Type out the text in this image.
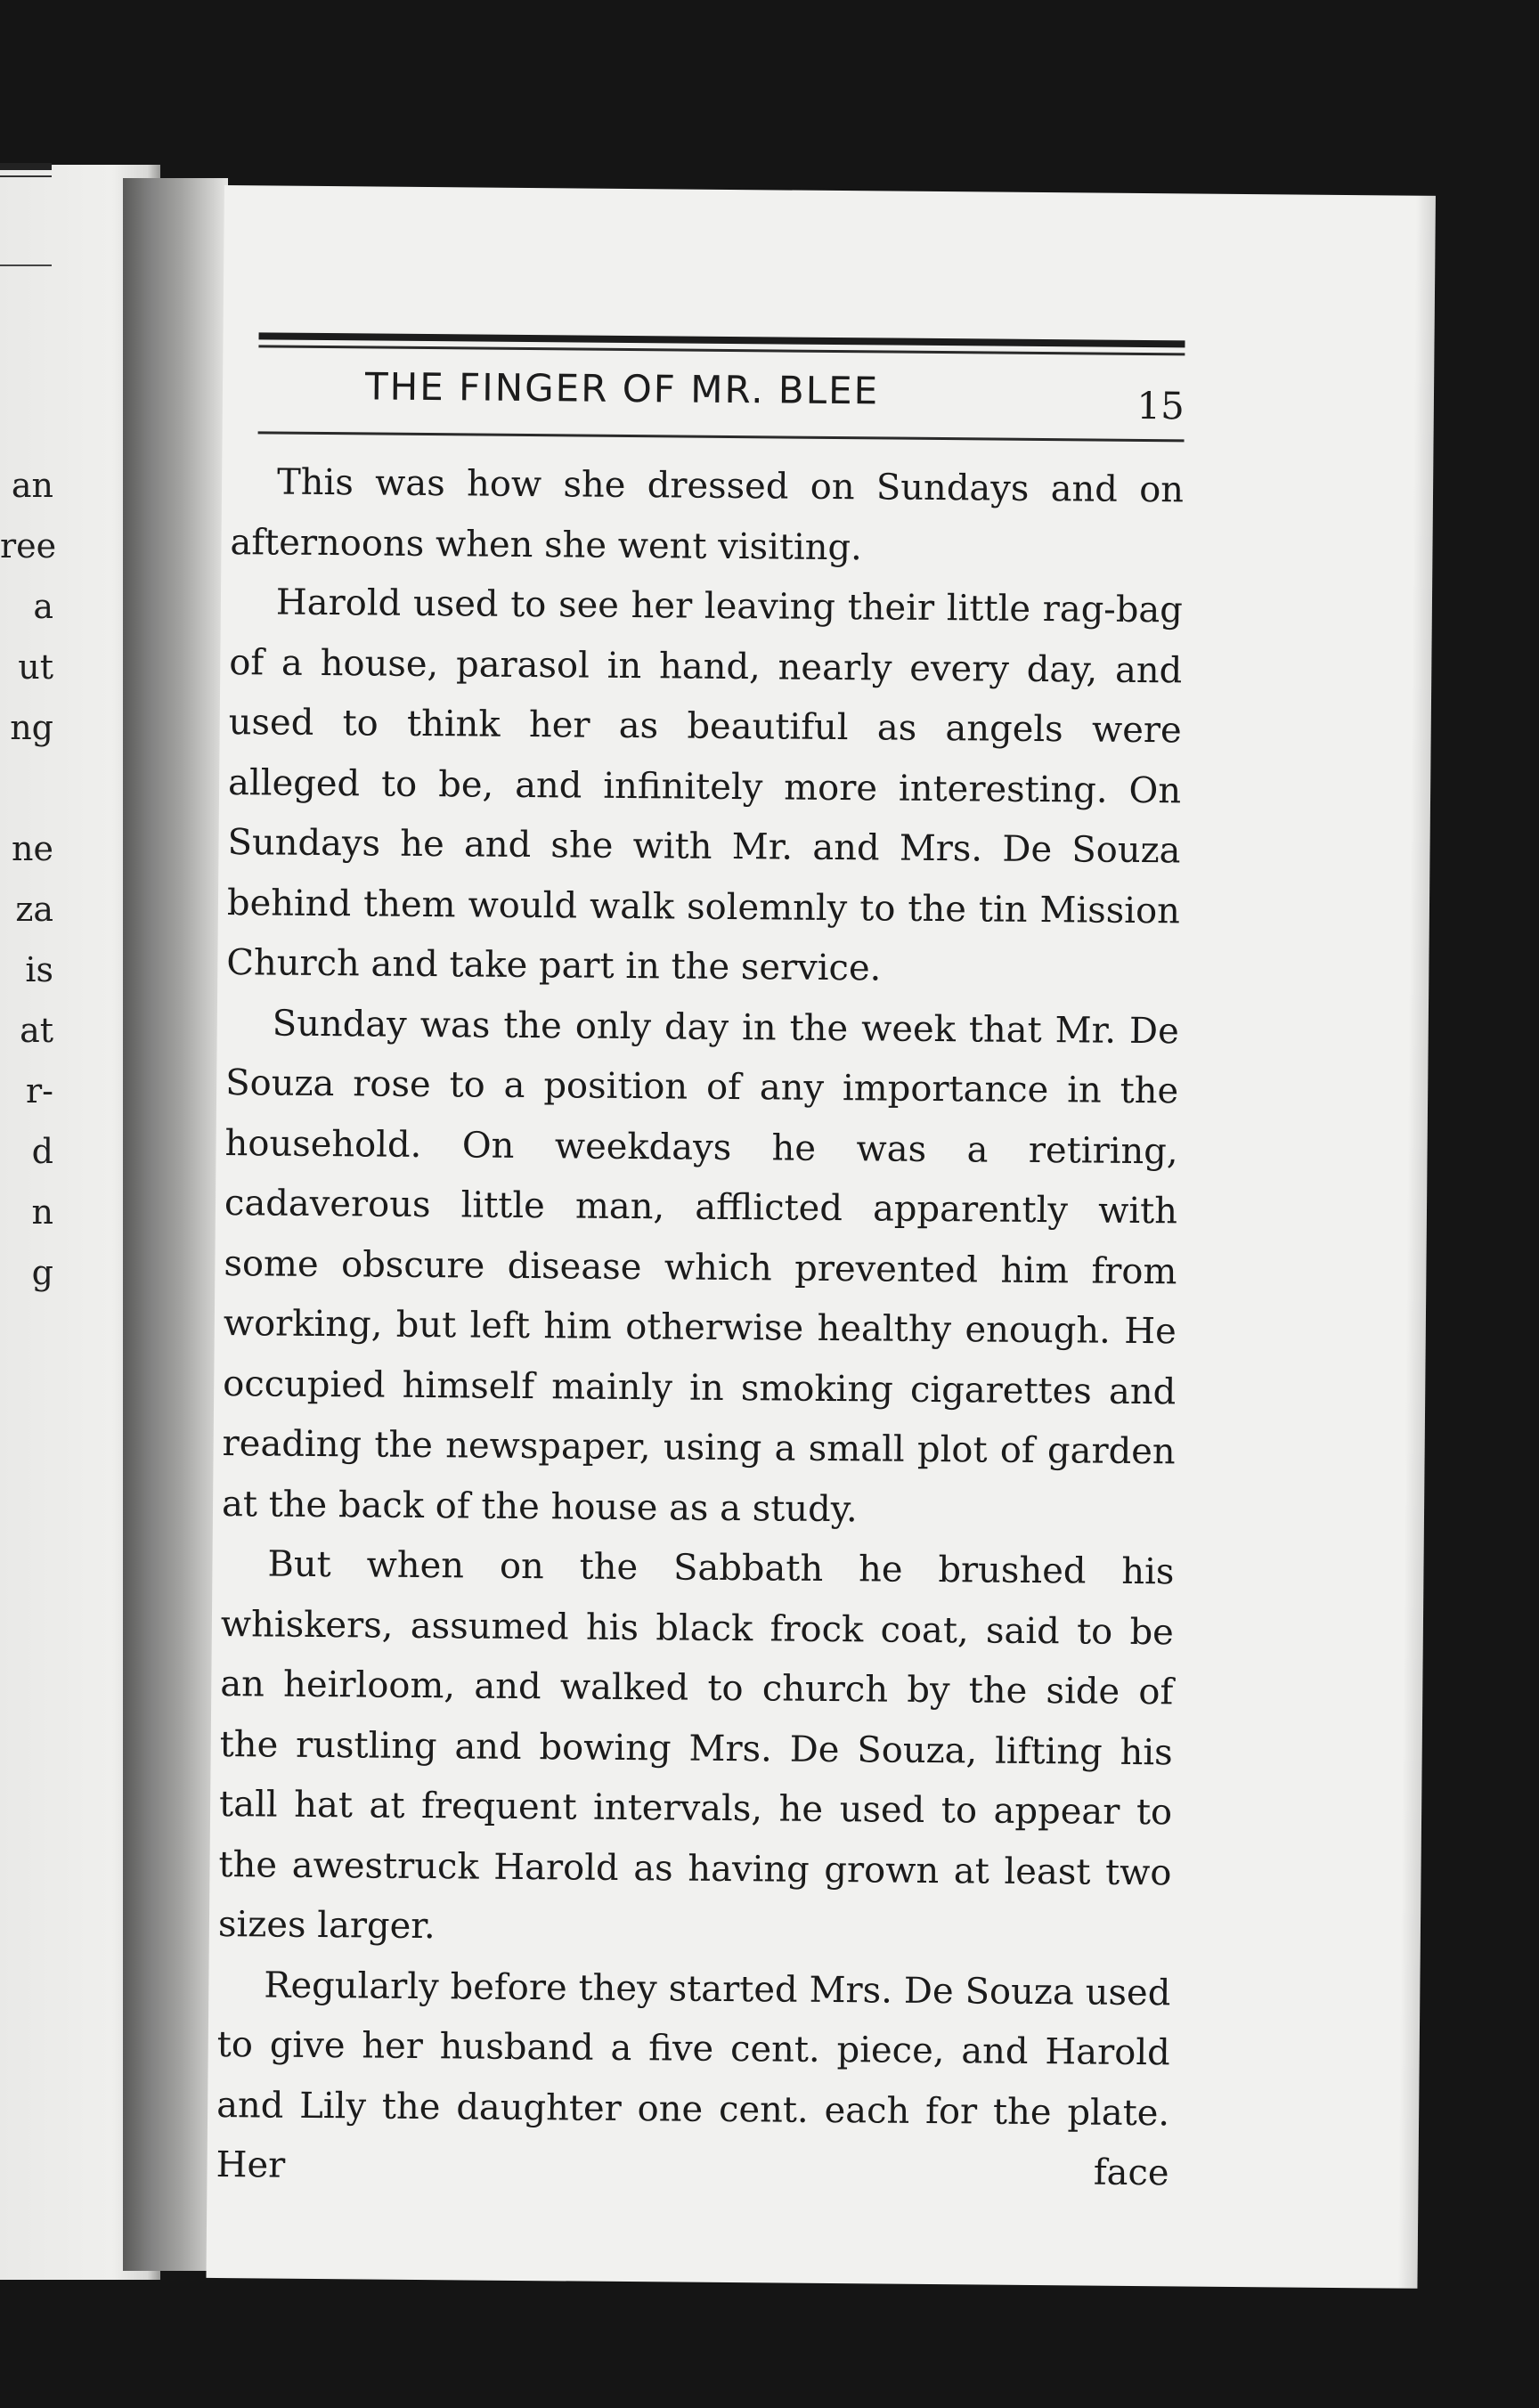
an
ree
a
ut
ng
ne
za
is
at
r-
d
n
g
THE FINGER OF MR. BLEE	15

This was how she dressed on Sundays and on afternoons when she went visiting.

Harold used to see her leaving their little rag-bag of a house, parasol in hand, nearly every day, and used to think her as beautiful as angels were alleged to be, and infinitely more interesting. On Sundays he and she with Mr. and Mrs. De Souza behind them would walk solemnly to the tin Mission Church and take part in the service.

Sunday was the only day in the week that Mr. De Souza rose to a position of any importance in the household. On weekdays he was a retiring, cadaverous little man, afflicted apparently with some obscure disease which prevented him from working, but left him otherwise healthy enough. He occupied himself mainly in smoking cigarettes and reading the newspaper, using a small plot of garden at the back of the house as a study.

But when on the Sabbath he brushed his whiskers, assumed his black frock coat, said to be an heirloom, and walked to church by the side of the rustling and bowing Mrs. De Souza, lifting his tall hat at frequent intervals, he used to appear to the awestruck Harold as having grown at least two sizes larger.

Regularly before they started Mrs. De Souza used to give her husband a five cent. piece, and Harold and Lily the daughter one cent. each for the plate. Her face
